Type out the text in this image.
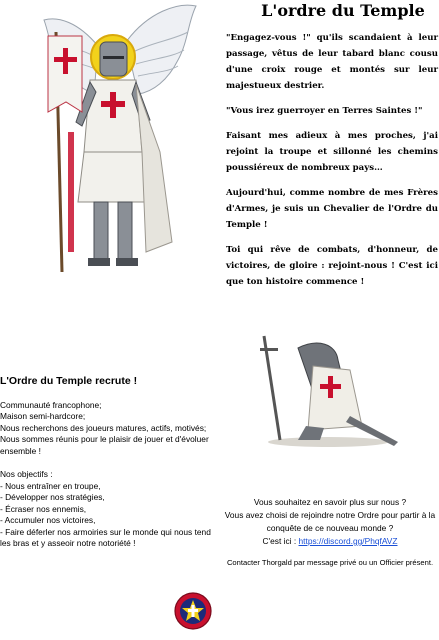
L'ordre du Temple

"Engagez-vous !" qu'ils scandaient à leur passage, vêtus de leur tabard blanc cousu d'une croix rouge et montés sur leur majestueux destrier.

"Vous irez guerroyer en Terres Saintes !"

Faisant mes adieux à mes proches, j'ai rejoint la troupe et sillonné les chemins poussiéreux de nombreux pays…

Aujourd'hui, comme nombre de mes Frères d'Armes, je suis un Chevalier de l'Ordre du Temple !

Toi qui rêve de combats, d'honneur, de victoires, de gloire : rejoint-nous ! C'est ici que ton histoire commence !

L'Ordre du Temple recrute !
Communauté francophone;
Maison semi-hardcore;
Nous recherchons des joueurs matures, actifs, motivés;
Nous sommes réunis pour le plaisir de jouer et d'évoluer ensemble !
Nos objectifs :
- Nous entraîner en troupe,
- Développer nos stratégies,
- Écraser nos ennemis,
- Accumuler nos victoires,
- Faire déferler nos armoiries sur le monde qui nous tend les bras et y asseoir notre notoriété !
Vous souhaitez en savoir plus sur nous ?
Vous avez choisi de rejoindre notre Ordre pour partir à la conquête de ce nouveau monde ?
C'est ici : https://discord.gg/PhqfAVZ
Contacter Thorgald par message privé ou un Officier présent.
